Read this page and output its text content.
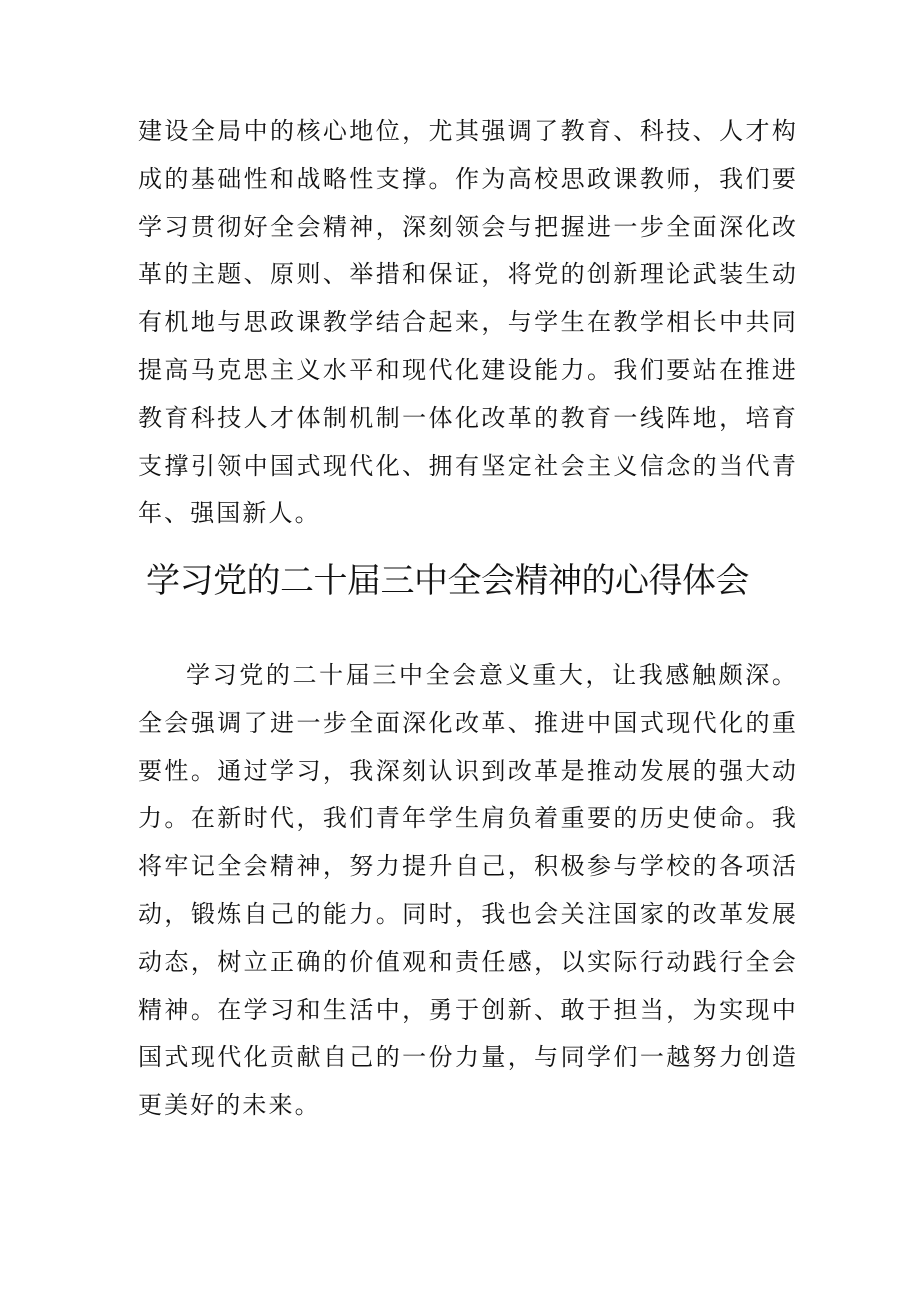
建设全局中的核心地位，尤其强调了教育、科技、人才构成的基础性和战略性支撑。作为高校思政课教师，我们要学习贯彻好全会精神，深刻领会与把握进一步全面深化改革的主题、原则、举措和保证，将党的创新理论武装生动有机地与思政课教学结合起来，与学生在教学相长中共同提高马克思主义水平和现代化建设能力。我们要站在推进教育科技人才体制机制一体化改革的教育一线阵地，培育支撑引领中国式现代化、拥有坚定社会主义信念的当代青年、强国新人。

学习党的二十届三中全会精神的心得体会

学习党的二十届三中全会意义重大，让我感触颇深。全会强调了进一步全面深化改革、推进中国式现代化的重要性。通过学习，我深刻认识到改革是推动发展的强大动力。在新时代，我们青年学生肩负着重要的历史使命。我将牢记全会精神，努力提升自己，积极参与学校的各项活动，锻炼自己的能力。同时，我也会关注国家的改革发展动态，树立正确的价值观和责任感，以实际行动践行全会精神。在学习和生活中，勇于创新、敢于担当，为实现中国式现代化贡献自己的一份力量，与同学们一越努力创造更美好的未来。
